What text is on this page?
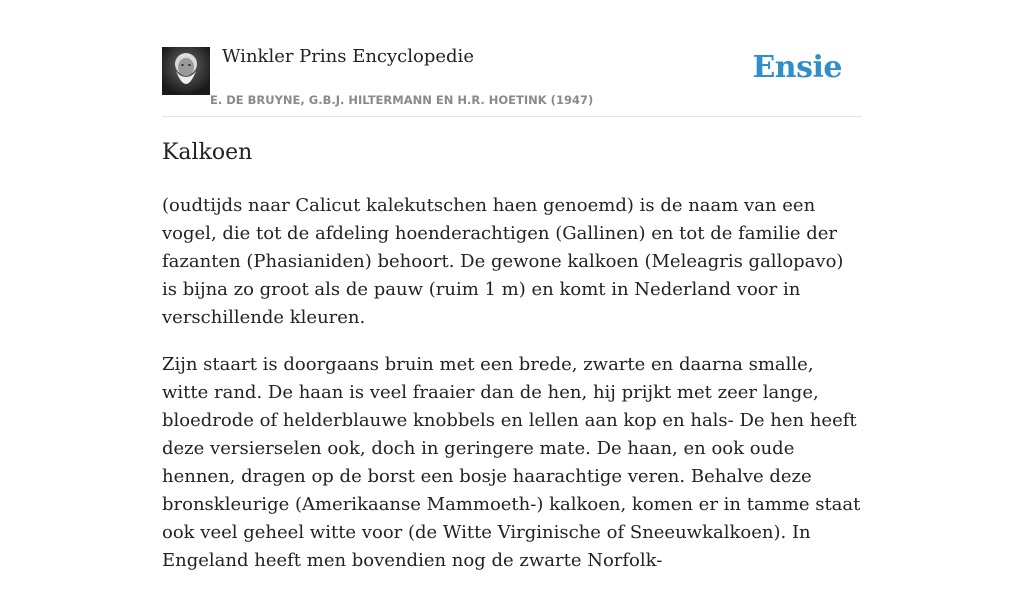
Winkler Prins Encyclopedie
E. DE BRUYNE, G.B.J. HILTERMANN EN H.R. HOETINK (1947)
Ensie
Kalkoen

(oudtijds naar Calicut kalekutschen haen genoemd) is de naam van een vogel, die tot de afdeling hoenderachtigen (Gallinen) en tot de familie der fazanten (Phasianiden) behoort. De gewone kalkoen (Meleagris gallopavo) is bijna zo groot als de pauw (ruim 1 m) en komt in Nederland voor in verschillende kleuren.

Zijn staart is doorgaans bruin met een brede, zwarte en daarna smalle, witte rand. De haan is veel fraaier dan de hen, hij prijkt met zeer lange, bloedrode of helderblauwe knobbels en lellen aan kop en hals- De hen heeft deze versierselen ook, doch in geringere mate. De haan, en ook oude hennen, dragen op de borst een bosje haarachtige veren. Behalve deze bronskleurige (Amerikaanse Mammoeth-) kalkoen, komen er in tamme staat ook veel geheel witte voor (de Witte Virginische of Sneeuwkalkoen). In Engeland heeft men bovendien nog de zwarte Norfolk-
